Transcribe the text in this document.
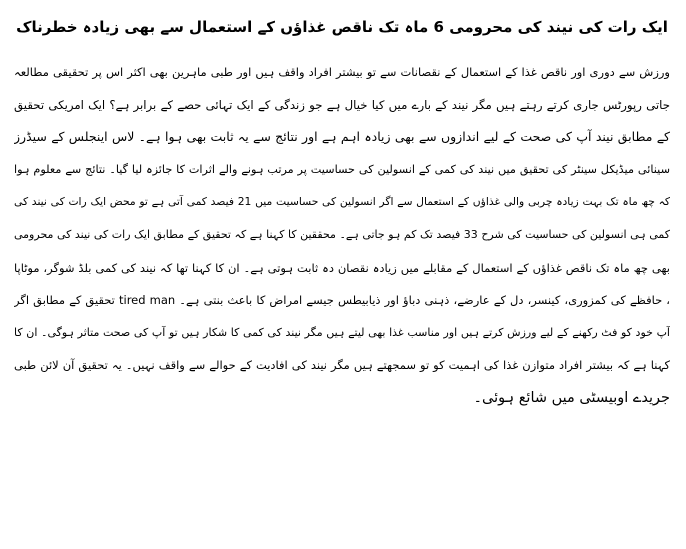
ایک رات کی نیند کی محرومی 6 ماہ تک ناقص غذاؤں کے استعمال سے بھی زیادہ خطرناک
ورزش سے دوری اور ناقص غذا کے استعمال کے نقصانات سے تو بیشتر افراد واقف ہیں اور طبی ماہرین بھی اکثر اس پر تحقیقی مطالعہ
جاتی رپورٹس جاری کرتے رہتے ہیں مگر نیند کے بارے میں کیا خیال ہے جو زندگی کے ایک تہائی حصے کے برابر ہے؟ ایک امریکی تحقیق
کے مطابق نیند آپ کی صحت کے لیے اندازوں سے بھی زیادہ اہم ہے اور نتائج سے یہ ثابت بھی ہوا ہے۔ لاس اینجلس کے سیڈرز
سینائی میڈیکل سینٹر کی تحقیق میں نیند کی کمی کے انسولین کی حساسیت پر مرتب ہونے والے اثرات کا جائزہ لیا گیا۔ نتائج سے معلوم ہوا
کہ چھ ماہ تک بہت زیادہ چربی والی غذاؤں کے استعمال سے اگر انسولین کی حساسیت میں 21 فیصد کمی آتی ہے تو محض ایک رات کی نیند کی
کمی ہی انسولین کی حساسیت کی شرح 33 فیصد تک کم ہو جاتی ہے۔ محققین کا کہنا ہے کہ تحقیق کے مطابق ایک رات کی نیند کی محرومی
بھی چھ ماہ تک ناقص غذاؤں کے استعمال کے مقابلے میں زیادہ نقصان دہ ثابت ہوتی ہے۔ ان کا کہنا تھا کہ نیند کی کمی بلڈ شوگر، موٹاپا
، حافظے کی کمزوری، کینسر، دل کے عارضے، ذہنی دباؤ اور ذیابیطس جیسے امراض کا باعث بنتی ہے۔ tired man تحقیق کے مطابق اگر
آپ خود کو فٹ رکھنے کے لیے ورزش کرتے ہیں اور مناسب غذا بھی لیتے ہیں مگر نیند کی کمی کا شکار ہیں تو آپ کی صحت متاثر ہوگی۔ ان کا
کہنا ہے کہ بیشتر افراد متوازن غذا کی اہمیت کو تو سمجھتے ہیں مگر نیند کی افادیت کے حوالے سے واقف نہیں۔ یہ تحقیق آن لائن طبی
جریدے اوبیسٹی میں شائع ہوئی۔
